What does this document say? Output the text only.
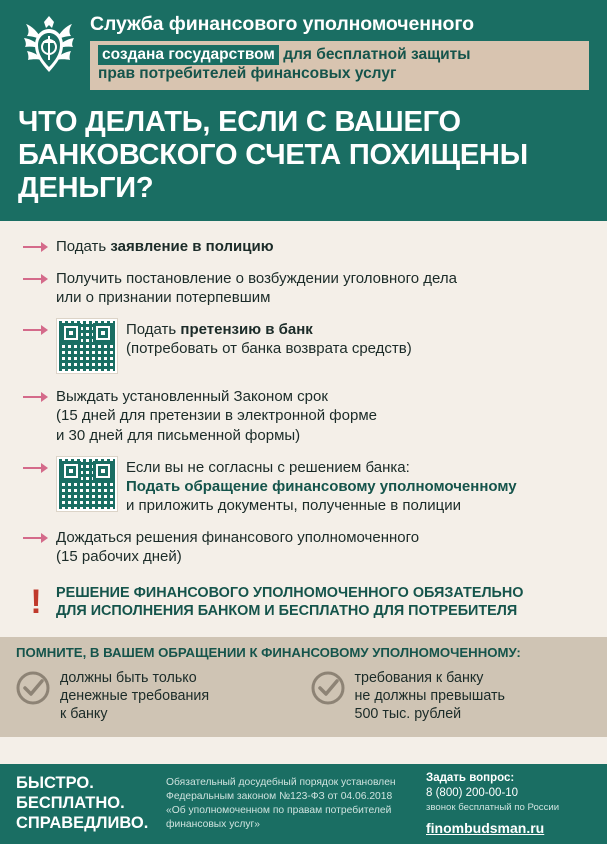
Служба финансового уполномоченного
создана государством для бесплатной защиты
прав потребителей финансовых услуг
ЧТО ДЕЛАТЬ, ЕСЛИ С ВАШЕГО БАНКОВСКОГО СЧЕТА ПОХИЩЕНЫ ДЕНЬГИ?
Подать заявление в полицию
Получить постановление о возбуждении уголовного дела
или о признании потерпевшим
Подать претензию в банк
(потребовать от банка возврата средств)
Выждать установленный Законом срок
(15 дней для претензии в электронной форме
и 30 дней для письменной формы)
Если вы не согласны с решением банка:
Подать обращение финансовому уполномоченному
и приложить документы, полученные в полиции
Дождаться решения финансового уполномоченного
(15 рабочих дней)
! РЕШЕНИЕ ФИНАНСОВОГО УПОЛНОМОЧЕННОГО ОБЯЗАТЕЛЬНО
ДЛЯ ИСПОЛНЕНИЯ БАНКОМ И БЕСПЛАТНО ДЛЯ ПОТРЕБИТЕЛЯ
ПОМНИТЕ, В ВАШЕМ ОБРАЩЕНИИ К ФИНАНСОВОМУ УПОЛНОМОЧЕННОМУ:
должны быть только
денежные требования
к банку
требования к банку
не должны превышать
500 тыс. рублей
БЫСТРО.
БЕСПЛАТНО.
СПРАВЕДЛИВО.
Обязательный досудебный порядок установлен
Федеральным законом №123-ФЗ от 04.06.2018
«Об уполномоченном по правам потребителей
финансовых услуг»
Задать вопрос:
8 (800) 200-00-10
звонок бесплатный по России
finombudsman.ru
